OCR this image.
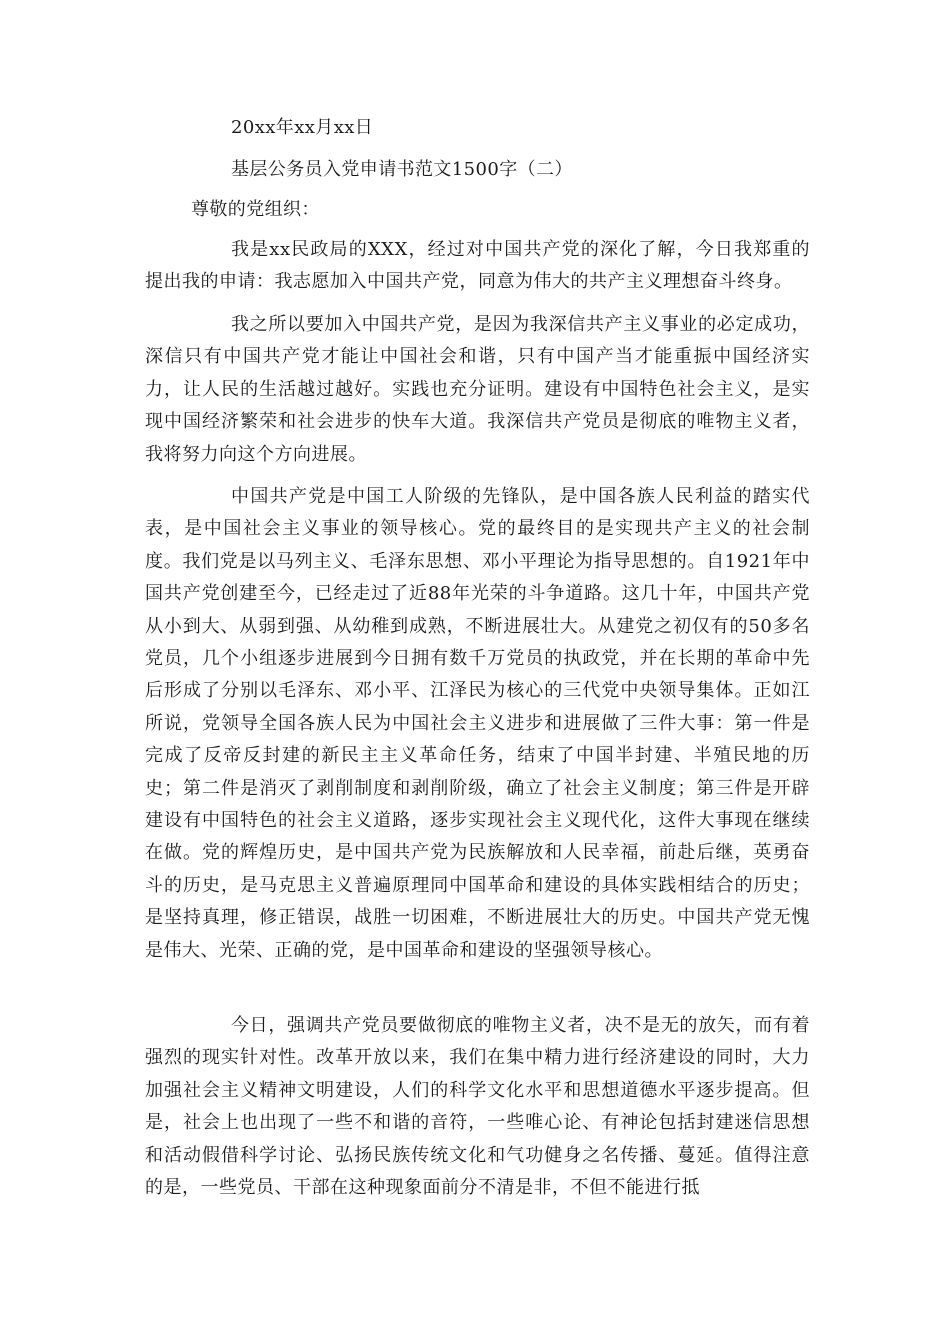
20xx年xx月xx日
基层公务员入党申请书范文1500字（二）
尊敬的党组织：
我是xx民政局的XXX，经过对中国共产党的深化了解，今日我郑重的提出我的申请：我志愿加入中国共产党，同意为伟大的共产主义理想奋斗终身。
我之所以要加入中国共产党，是因为我深信共产主义事业的必定成功，深信只有中国共产党才能让中国社会和谐，只有中国产当才能重振中国经济实力，让人民的生活越过越好。实践也充分证明。建设有中国特色社会主义，是实现中国经济繁荣和社会进步的快车大道。我深信共产党员是彻底的唯物主义者，我将努力向这个方向进展。
中国共产党是中国工人阶级的先锋队，是中国各族人民利益的踏实代表，是中国社会主义事业的领导核心。党的最终目的是实现共产主义的社会制度。我们党是以马列主义、毛泽东思想、邓小平理论为指导思想的。自1921年中国共产党创建至今，已经走过了近88年光荣的斗争道路。这几十年，中国共产党从小到大、从弱到强、从幼稚到成熟，不断进展壮大。从建党之初仅有的50多名党员，几个小组逐步进展到今日拥有数千万党员的执政党，并在长期的革命中先后形成了分别以毛泽东、邓小平、江泽民为核心的三代党中央领导集体。正如江所说，党领导全国各族人民为中国社会主义进步和进展做了三件大事：第一件是完成了反帝反封建的新民主主义革命任务，结束了中国半封建、半殖民地的历史；第二件是消灭了剥削制度和剥削阶级，确立了社会主义制度；第三件是开辟建设有中国特色的社会主义道路，逐步实现社会主义现代化，这件大事现在继续在做。党的辉煌历史，是中国共产党为民族解放和人民幸福，前赴后继，英勇奋斗的历史，是马克思主义普遍原理同中国革命和建设的具体实践相结合的历史；是坚持真理，修正错误，战胜一切困难，不断进展壮大的历史。中国共产党无愧是伟大、光荣、正确的党，是中国革命和建设的坚强领导核心。
今日，强调共产党员要做彻底的唯物主义者，决不是无的放矢，而有着强烈的现实针对性。改革开放以来，我们在集中精力进行经济建设的同时，大力加强社会主义精神文明建设，人们的科学文化水平和思想道德水平逐步提高。但是，社会上也出现了一些不和谐的音符，一些唯心论、有神论包括封建迷信思想和活动假借科学讨论、弘扬民族传统文化和气功健身之名传播、蔓延。值得注意的是，一些党员、干部在这种现象面前分不清是非，不但不能进行抵
